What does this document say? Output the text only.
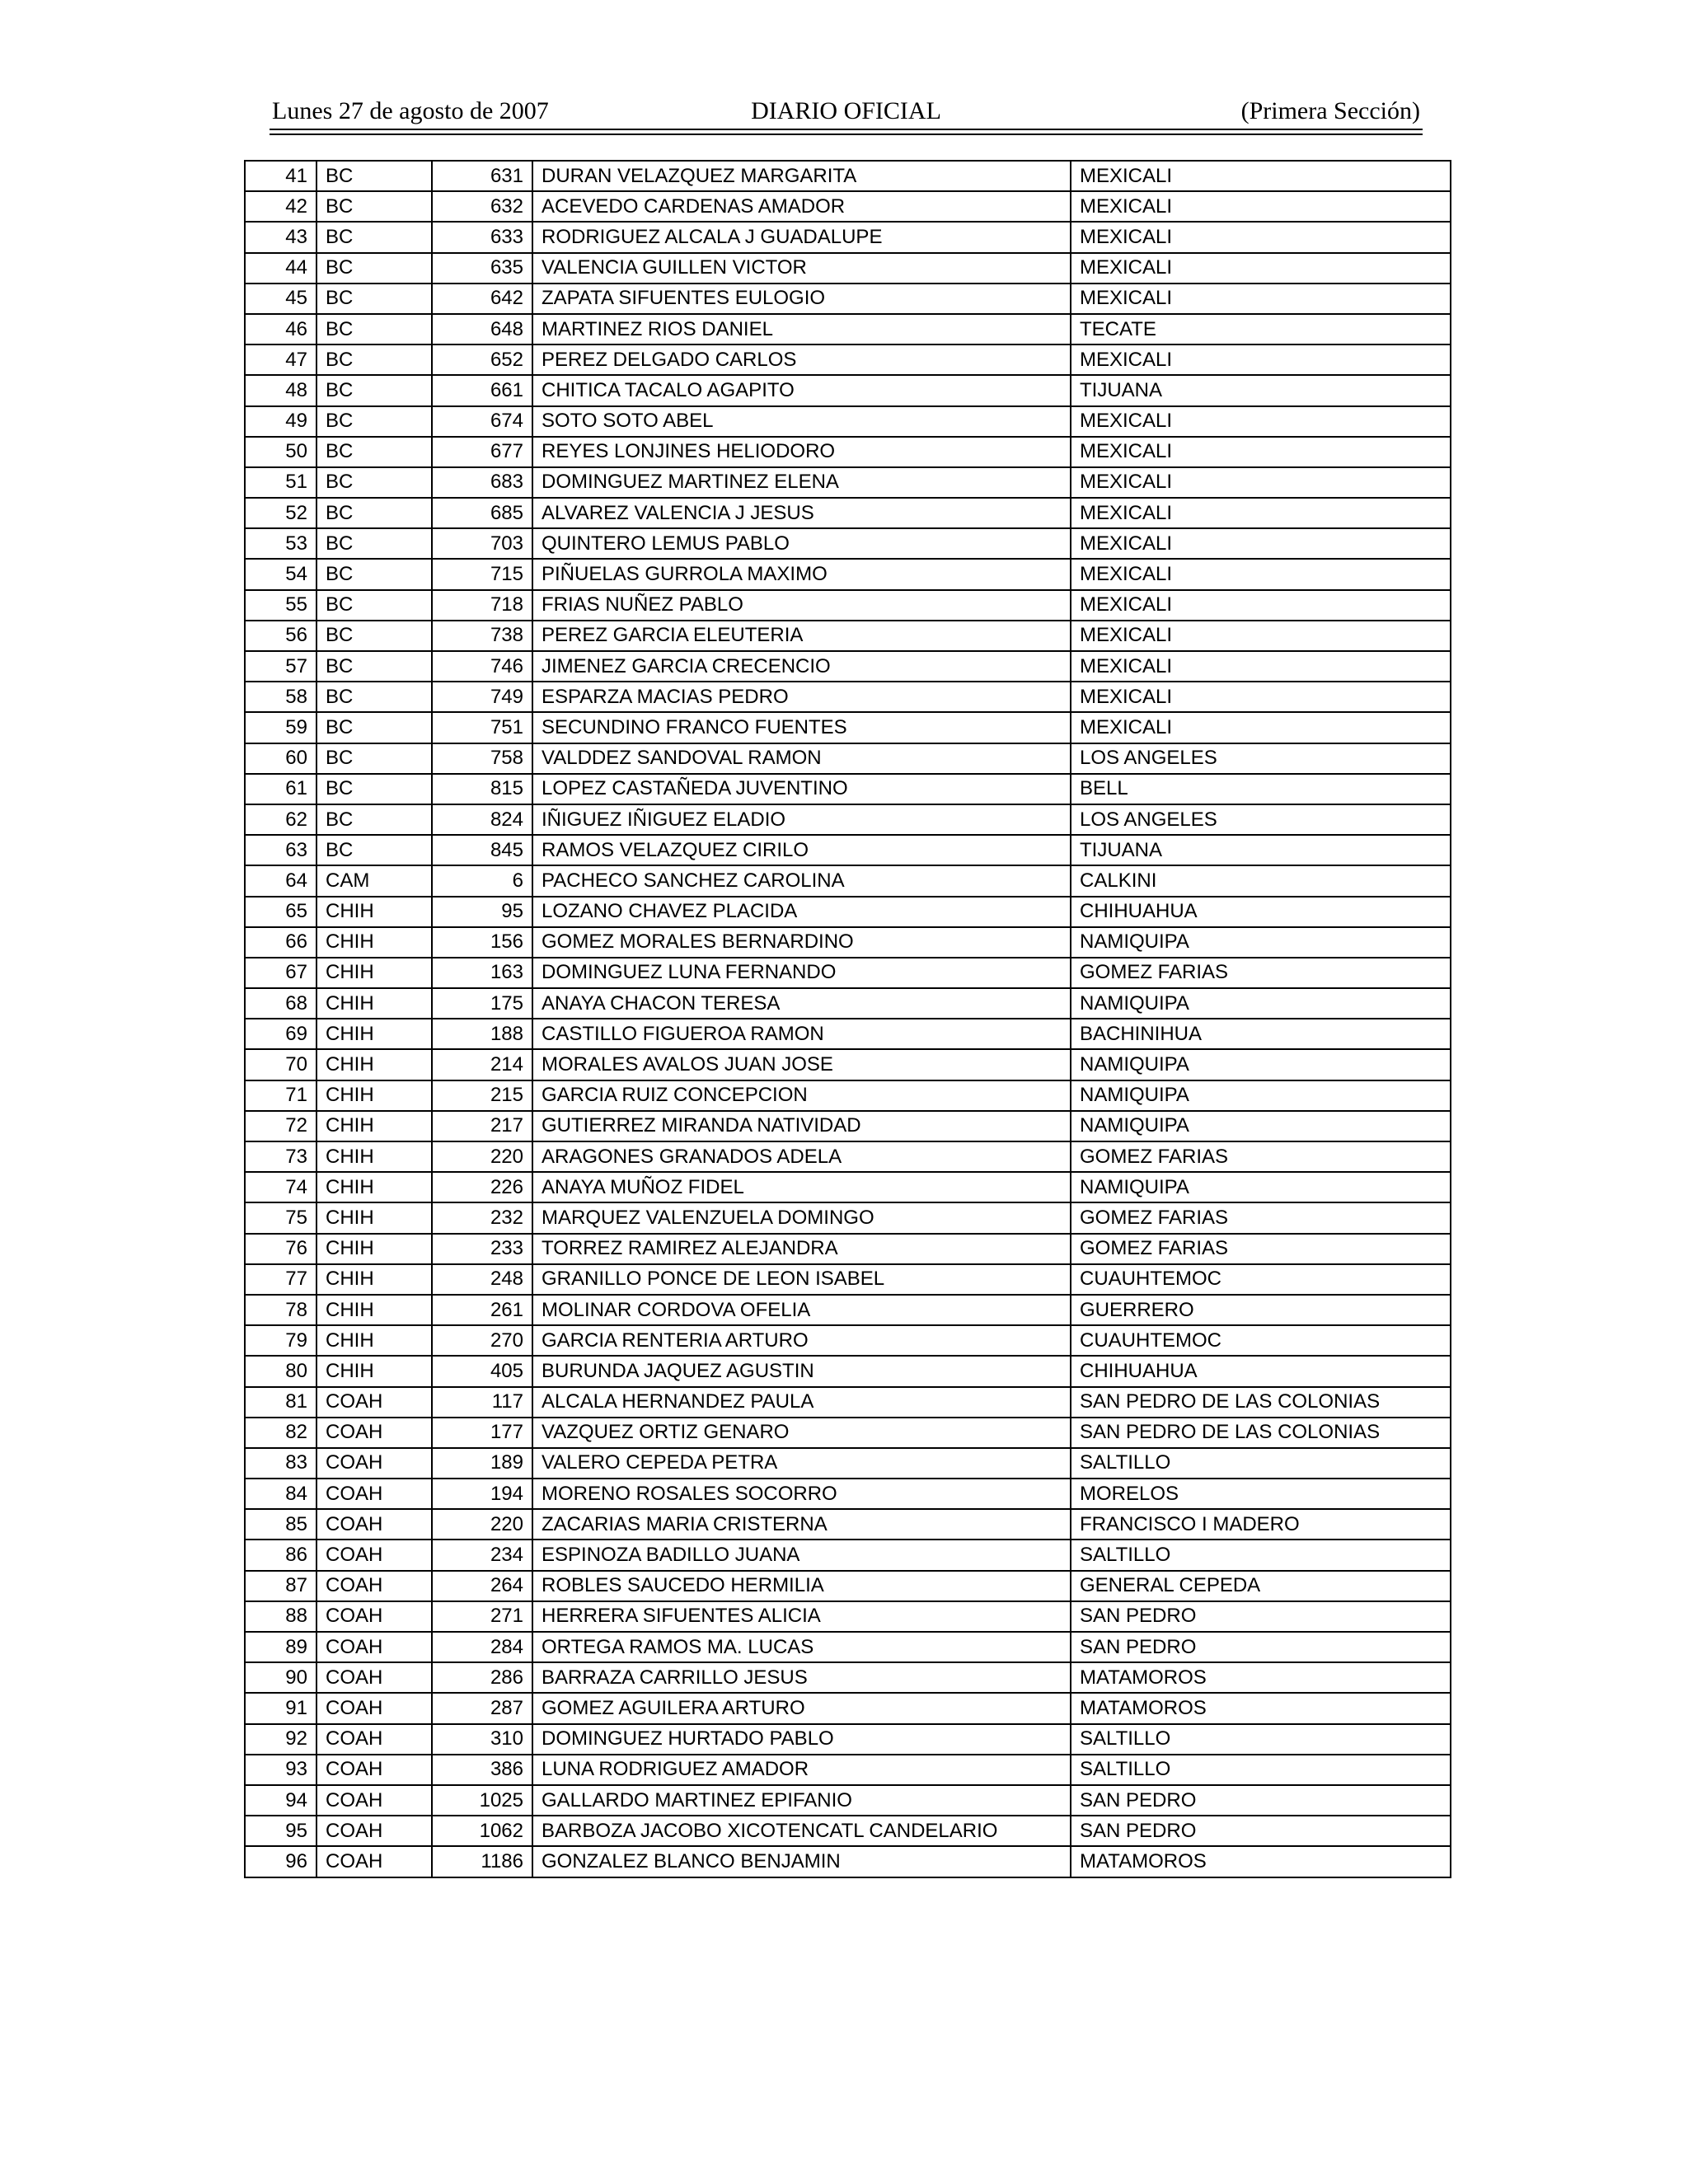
Lunes 27 de agosto de 2007	DIARIO OFICIAL	(Primera Sección)
41	BC	631	DURAN VELAZQUEZ MARGARITA	MEXICALI
42	BC	632	ACEVEDO CARDENAS AMADOR	MEXICALI
43	BC	633	RODRIGUEZ ALCALA J GUADALUPE	MEXICALI
44	BC	635	VALENCIA GUILLEN VICTOR	MEXICALI
45	BC	642	ZAPATA SIFUENTES EULOGIO	MEXICALI
46	BC	648	MARTINEZ RIOS DANIEL	TECATE
47	BC	652	PEREZ DELGADO CARLOS	MEXICALI
48	BC	661	CHITICA TACALO AGAPITO	TIJUANA
49	BC	674	SOTO SOTO ABEL	MEXICALI
50	BC	677	REYES LONJINES HELIODORO	MEXICALI
51	BC	683	DOMINGUEZ MARTINEZ ELENA	MEXICALI
52	BC	685	ALVAREZ VALENCIA J JESUS	MEXICALI
53	BC	703	QUINTERO LEMUS PABLO	MEXICALI
54	BC	715	PIÑUELAS GURROLA MAXIMO	MEXICALI
55	BC	718	FRIAS NUÑEZ PABLO	MEXICALI
56	BC	738	PEREZ GARCIA ELEUTERIA	MEXICALI
57	BC	746	JIMENEZ GARCIA CRECENCIO	MEXICALI
58	BC	749	ESPARZA MACIAS PEDRO	MEXICALI
59	BC	751	SECUNDINO FRANCO FUENTES	MEXICALI
60	BC	758	VALDDEZ SANDOVAL RAMON	LOS ANGELES
61	BC	815	LOPEZ CASTAÑEDA JUVENTINO	BELL
62	BC	824	IÑIGUEZ IÑIGUEZ ELADIO	LOS ANGELES
63	BC	845	RAMOS VELAZQUEZ CIRILO	TIJUANA
64	CAM	6	PACHECO SANCHEZ CAROLINA	CALKINI
65	CHIH	95	LOZANO CHAVEZ PLACIDA	CHIHUAHUA
66	CHIH	156	GOMEZ MORALES BERNARDINO	NAMIQUIPA
67	CHIH	163	DOMINGUEZ LUNA FERNANDO	GOMEZ FARIAS
68	CHIH	175	ANAYA CHACON TERESA	NAMIQUIPA
69	CHIH	188	CASTILLO FIGUEROA RAMON	BACHINIHUA
70	CHIH	214	MORALES AVALOS JUAN JOSE	NAMIQUIPA
71	CHIH	215	GARCIA RUIZ CONCEPCION	NAMIQUIPA
72	CHIH	217	GUTIERREZ MIRANDA NATIVIDAD	NAMIQUIPA
73	CHIH	220	ARAGONES GRANADOS ADELA	GOMEZ FARIAS
74	CHIH	226	ANAYA MUÑOZ FIDEL	NAMIQUIPA
75	CHIH	232	MARQUEZ VALENZUELA DOMINGO	GOMEZ FARIAS
76	CHIH	233	TORREZ RAMIREZ ALEJANDRA	GOMEZ FARIAS
77	CHIH	248	GRANILLO PONCE DE LEON ISABEL	CUAUHTEMOC
78	CHIH	261	MOLINAR CORDOVA OFELIA	GUERRERO
79	CHIH	270	GARCIA RENTERIA ARTURO	CUAUHTEMOC
80	CHIH	405	BURUNDA JAQUEZ AGUSTIN	CHIHUAHUA
81	COAH	117	ALCALA HERNANDEZ PAULA	SAN PEDRO DE LAS COLONIAS
82	COAH	177	VAZQUEZ ORTIZ GENARO	SAN PEDRO DE LAS COLONIAS
83	COAH	189	VALERO CEPEDA PETRA	SALTILLO
84	COAH	194	MORENO ROSALES SOCORRO	MORELOS
85	COAH	220	ZACARIAS MARIA CRISTERNA	FRANCISCO I MADERO
86	COAH	234	ESPINOZA BADILLO JUANA	SALTILLO
87	COAH	264	ROBLES SAUCEDO HERMILIA	GENERAL CEPEDA
88	COAH	271	HERRERA SIFUENTES ALICIA	SAN PEDRO
89	COAH	284	ORTEGA RAMOS MA. LUCAS	SAN PEDRO
90	COAH	286	BARRAZA CARRILLO JESUS	MATAMOROS
91	COAH	287	GOMEZ AGUILERA ARTURO	MATAMOROS
92	COAH	310	DOMINGUEZ HURTADO PABLO	SALTILLO
93	COAH	386	LUNA RODRIGUEZ AMADOR	SALTILLO
94	COAH	1025	GALLARDO MARTINEZ EPIFANIO	SAN PEDRO
95	COAH	1062	BARBOZA JACOBO XICOTENCATL CANDELARIO	SAN PEDRO
96	COAH	1186	GONZALEZ BLANCO BENJAMIN	MATAMOROS
